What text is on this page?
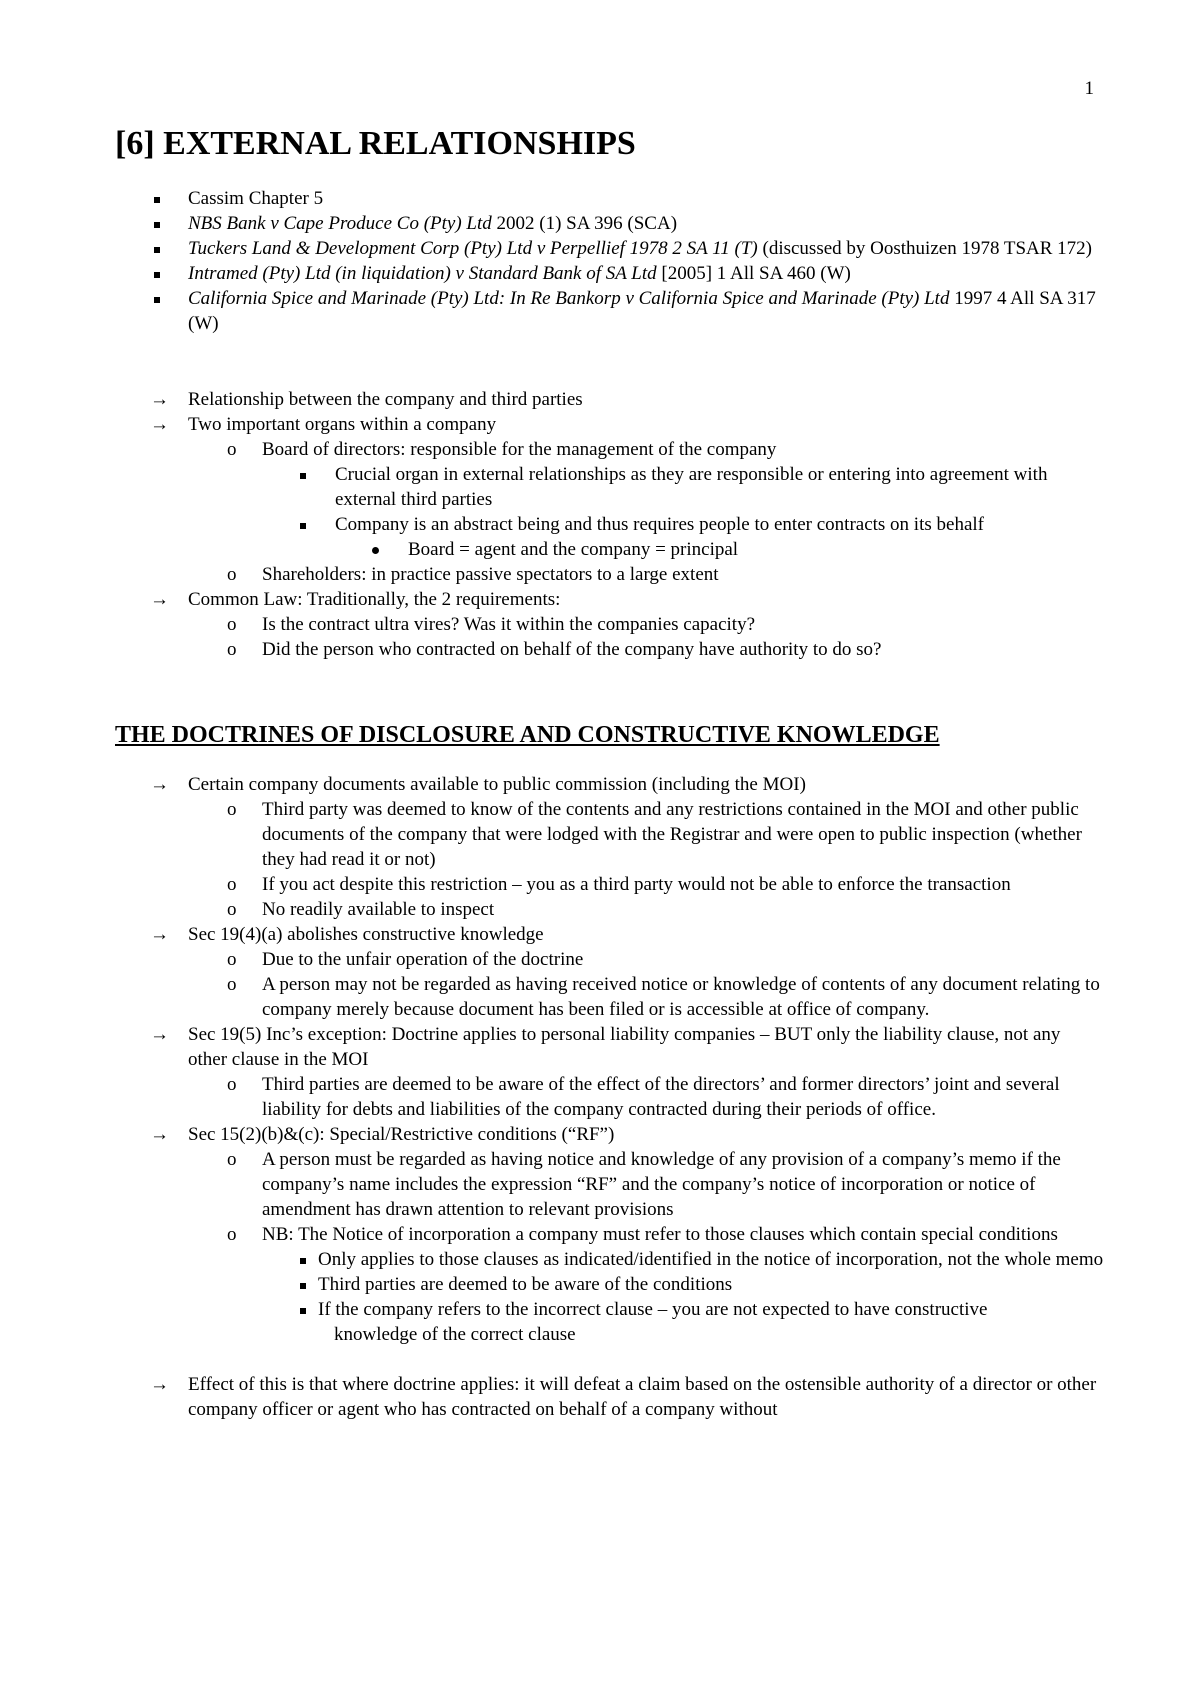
1
[6] EXTERNAL RELATIONSHIPS
Cassim Chapter 5
NBS Bank v Cape Produce Co (Pty) Ltd 2002 (1) SA 396 (SCA)
Tuckers Land & Development Corp (Pty) Ltd v Perpellief 1978 2 SA 11 (T) (discussed by Oosthuizen 1978 TSAR 172)
Intramed (Pty) Ltd (in liquidation) v Standard Bank of SA Ltd [2005] 1 All SA 460 (W)
California Spice and Marinade (Pty) Ltd: In Re Bankorp v California Spice and Marinade (Pty) Ltd 1997 4 All SA 317 (W)
→ Relationship between the company and third parties
→ Two important organs within a company
o Board of directors: responsible for the management of the company
Crucial organ in external relationships as they are responsible or entering into agreement with external third parties
Company is an abstract being and thus requires people to enter contracts on its behalf
Board = agent and the company = principal
o Shareholders: in practice passive spectators to a large extent
→ Common Law: Traditionally, the 2 requirements:
o Is the contract ultra vires? Was it within the companies capacity?
o Did the person who contracted on behalf of the company have authority to do so?
THE DOCTRINES OF DISCLOSURE AND CONSTRUCTIVE KNOWLEDGE
→ Certain company documents available to public commission (including the MOI)
o Third party was deemed to know of the contents and any restrictions contained in the MOI and other public documents of the company that were lodged with the Registrar and were open to public inspection (whether they had read it or not)
o If you act despite this restriction – you as a third party would not be able to enforce the transaction
o No readily available to inspect
→ Sec 19(4)(a) abolishes constructive knowledge
o Due to the unfair operation of the doctrine
o A person may not be regarded as having received notice or knowledge of contents of any document relating to company merely because document has been filed or is accessible at office of company.
→ Sec 19(5) Inc’s exception: Doctrine applies to personal liability companies – BUT only the liability clause, not any other clause in the MOI
o Third parties are deemed to be aware of the effect of the directors’ and former directors’ joint and several liability for debts and liabilities of the company contracted during their periods of office.
→ Sec 15(2)(b)&(c): Special/Restrictive conditions (“RF”)
o A person must be regarded as having notice and knowledge of any provision of a company’s memo if the company’s name includes the expression “RF” and the company’s notice of incorporation or notice of amendment has drawn attention to relevant provisions
o NB: The Notice of incorporation a company must refer to those clauses which contain special conditions
Only applies to those clauses as indicated/identified in the notice of incorporation, not the whole memo
Third parties are deemed to be aware of the conditions
If the company refers to the incorrect clause – you are not expected to have constructive knowledge of the correct clause
→ Effect of this is that where doctrine applies: it will defeat a claim based on the ostensible authority of a director or other company officer or agent who has contracted on behalf of a company without
